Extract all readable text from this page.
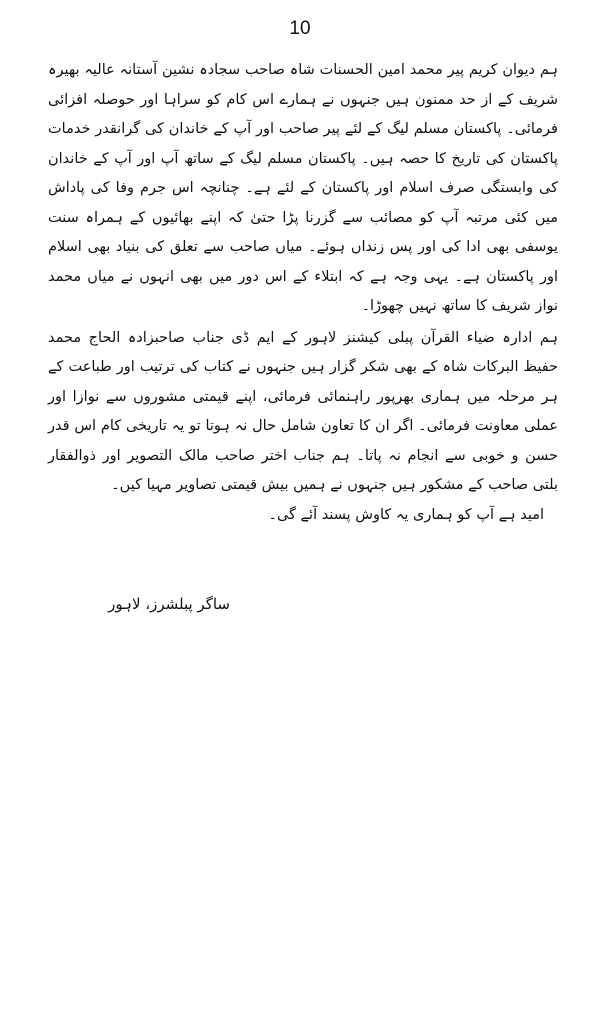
10

ہم دیوان کریم پیر محمد امین الحسنات شاہ صاحب سجادہ نشین آستانہ عالیہ بھیرہ شریف کے از حد ممنون ہیں جنہوں نے ہمارے اس کام کو سراہا اور حوصلہ افزائی فرمائی۔ پاکستان مسلم لیگ کے لئے پیر صاحب اور آپ کے خاندان کی گرانقدر خدمات پاکستان کی تاریخ کا حصہ ہیں۔ پاکستان مسلم لیگ کے ساتھ آپ اور آپ کے خاندان کی وابستگی صرف اسلام اور پاکستان کے لئے ہے۔ چنانچہ اس جرم وفا کی پاداش میں کئی مرتبہ آپ کو مصائب سے گزرنا پڑا حتیٰ کہ اپنے بھائیوں کے ہمراہ سنت یوسفی بھی ادا کی اور پس زنداں ہوئے۔ میاں صاحب سے تعلق کی بنیاد بھی اسلام اور پاکستان ہے۔ یہی وجہ ہے کہ ابتلاء کے اس دور میں بھی انہوں نے میاں محمد نواز شریف کا ساتھ نہیں چھوڑا۔

ہم ادارہ ضیاء القرآن پبلی کیشنز لاہور کے ایم ڈی جناب صاحبزادہ الحاج محمد حفیظ البرکات شاہ کے بھی شکر گزار ہیں جنہوں نے کتاب کی ترتیب اور طباعت کے ہر مرحلہ میں ہماری بھرپور راہنمائی فرمائی، اپنے قیمتی مشوروں سے نوازا اور عملی معاونت فرمائی۔ اگر ان کا تعاون شامل حال نہ ہوتا تو یہ تاریخی کام اس قدر حسن و خوبی سے انجام نہ پاتا۔ ہم جناب اختر صاحب مالک التصویر اور ذوالفقار بلتی صاحب کے مشکور ہیں جنہوں نے ہمیں بیش قیمتی تصاویر مہیا کیں۔

امید ہے آپ کو ہماری یہ کاوش پسند آئے گی۔

ساگر پبلشرز، لاہور
